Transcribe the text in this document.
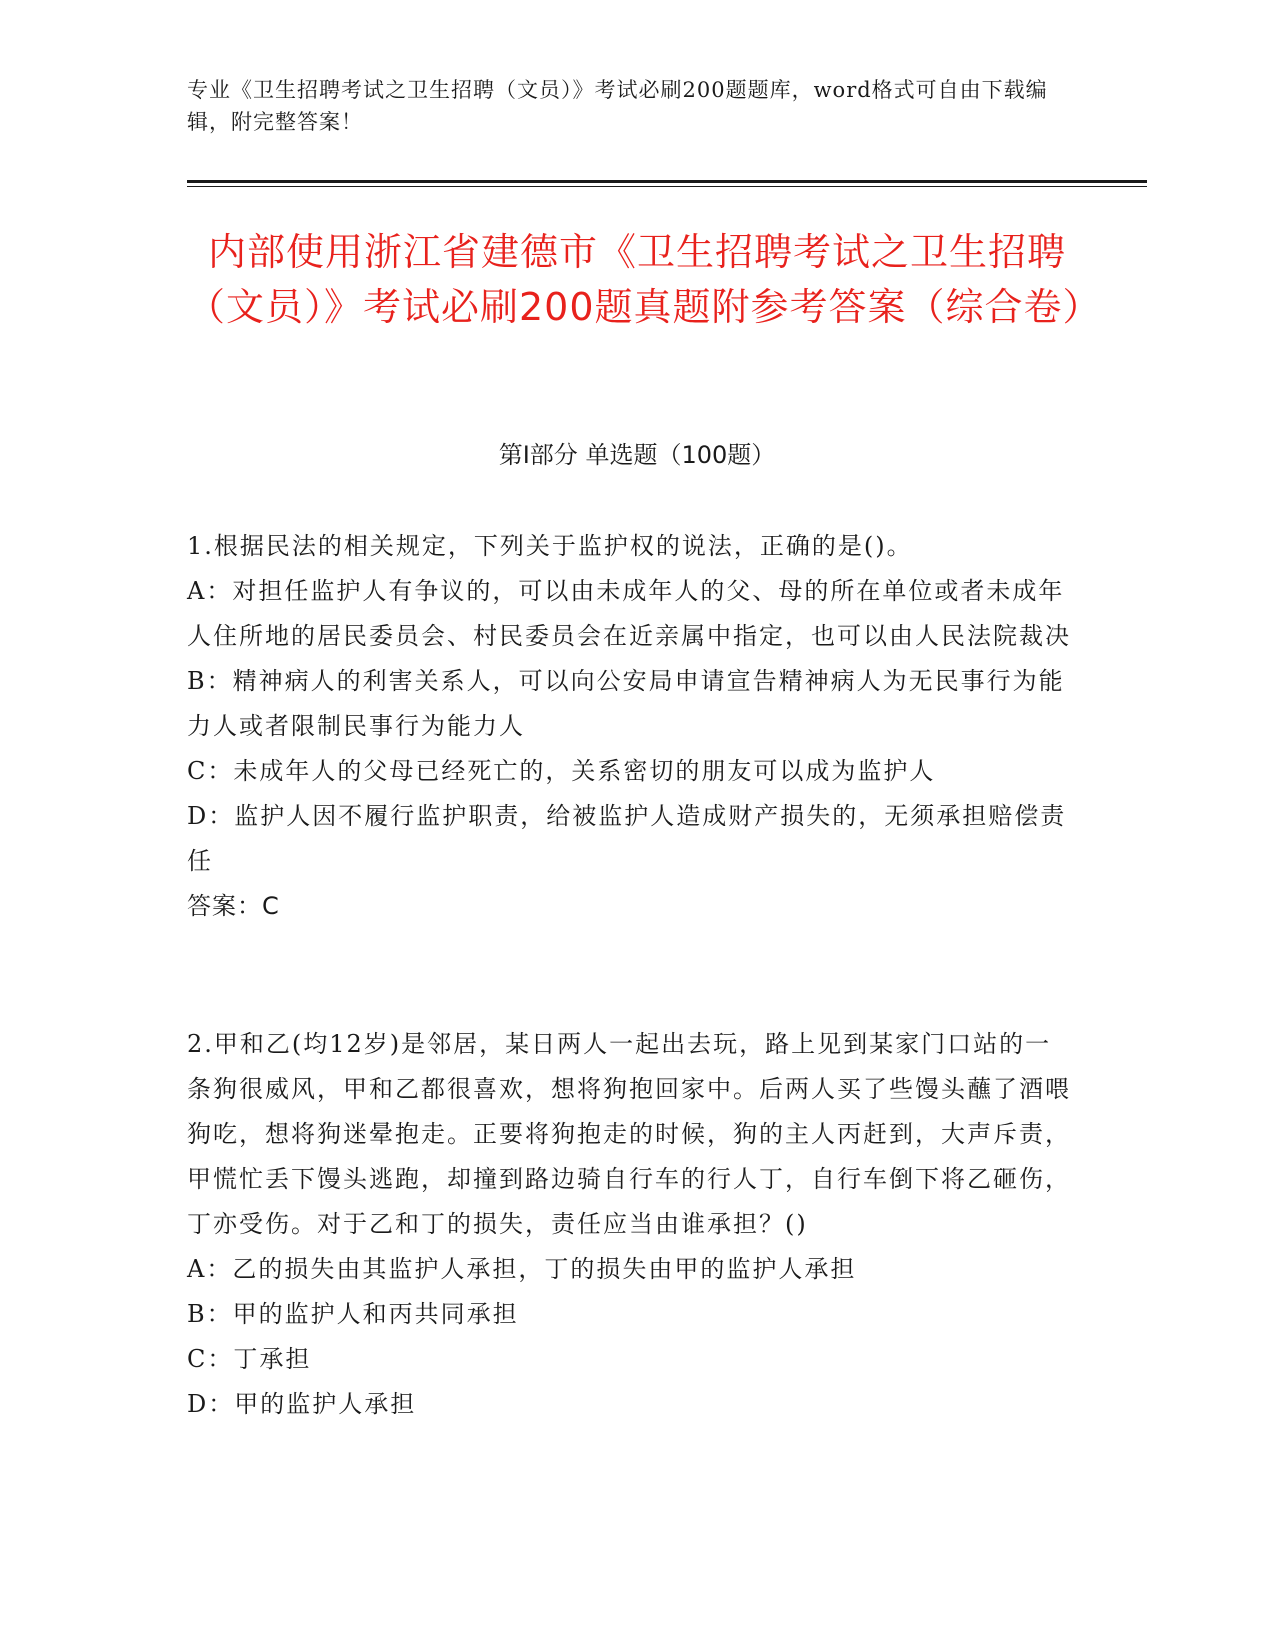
专业《卫生招聘考试之卫生招聘（文员）》考试必刷200题题库，word格式可自由下载编辑，附完整答案！
内部使用浙江省建德市《卫生招聘考试之卫生招聘（文员）》考试必刷200题真题附参考答案（综合卷）
第Ⅰ部分 单选题（100题）

1.根据民法的相关规定，下列关于监护权的说法，正确的是()。

A：对担任监护人有争议的，可以由未成年人的父、母的所在单位或者未成年人住所地的居民委员会、村民委员会在近亲属中指定，也可以由人民法院裁决

B：精神病人的利害关系人，可以向公安局申请宣告精神病人为无民事行为能力人或者限制民事行为能力人

C：未成年人的父母已经死亡的，关系密切的朋友可以成为监护人

D：监护人因不履行监护职责，给被监护人造成财产损失的，无须承担赔偿责任

答案：C

2.甲和乙(均12岁)是邻居，某日两人一起出去玩，路上见到某家门口站的一条狗很威风，甲和乙都很喜欢，想将狗抱回家中。后两人买了些馒头蘸了酒喂狗吃，想将狗迷晕抱走。正要将狗抱走的时候，狗的主人丙赶到，大声斥责，甲慌忙丢下馒头逃跑，却撞到路边骑自行车的行人丁，自行车倒下将乙砸伤，丁亦受伤。对于乙和丁的损失，责任应当由谁承担？()

A：乙的损失由其监护人承担，丁的损失由甲的监护人承担

B：甲的监护人和丙共同承担

C：丁承担

D：甲的监护人承担
